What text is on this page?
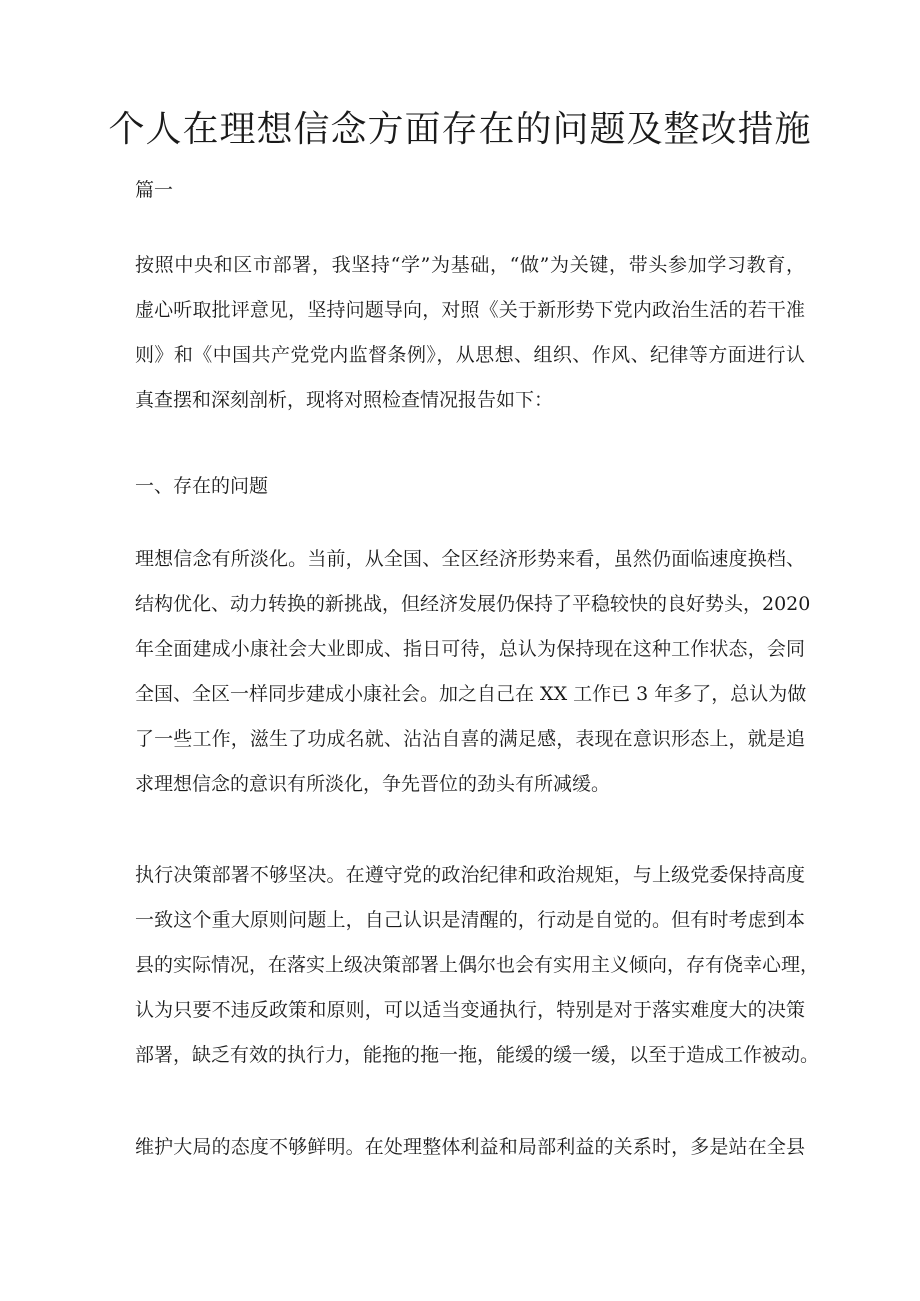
个人在理想信念方面存在的问题及整改措施

篇一

按照中央和区市部署，我坚持“学”为基础，“做”为关键，带头参加学习教育，
虚心听取批评意见，坚持问题导向，对照《关于新形势下党内政治生活的若干准
则》和《中国共产党党内监督条例》，从思想、组织、作风、纪律等方面进行认
真查摆和深刻剖析，现将对照检查情况报告如下：

一、存在的问题

理想信念有所淡化。当前，从全国、全区经济形势来看，虽然仍面临速度换档、
结构优化、动力转换的新挑战，但经济发展仍保持了平稳较快的良好势头，2020
年全面建成小康社会大业即成、指日可待，总认为保持现在这种工作状态，会同
全国、全区一样同步建成小康社会。加之自己在 XX 工作已 3 年多了，总认为做
了一些工作，滋生了功成名就、沾沾自喜的满足感，表现在意识形态上，就是追
求理想信念的意识有所淡化，争先晋位的劲头有所减缓。
执行决策部署不够坚决。在遵守党的政治纪律和政治规矩，与上级党委保持高度
一致这个重大原则问题上，自己认识是清醒的，行动是自觉的。但有时考虑到本
县的实际情况，在落实上级决策部署上偶尔也会有实用主义倾向，存有侥幸心理，
认为只要不违反政策和原则，可以适当变通执行，特别是对于落实难度大的决策
部署，缺乏有效的执行力，能拖的拖一拖，能缓的缓一缓，以至于造成工作被动。
维护大局的态度不够鲜明。在处理整体利益和局部利益的关系时，多是站在全县
